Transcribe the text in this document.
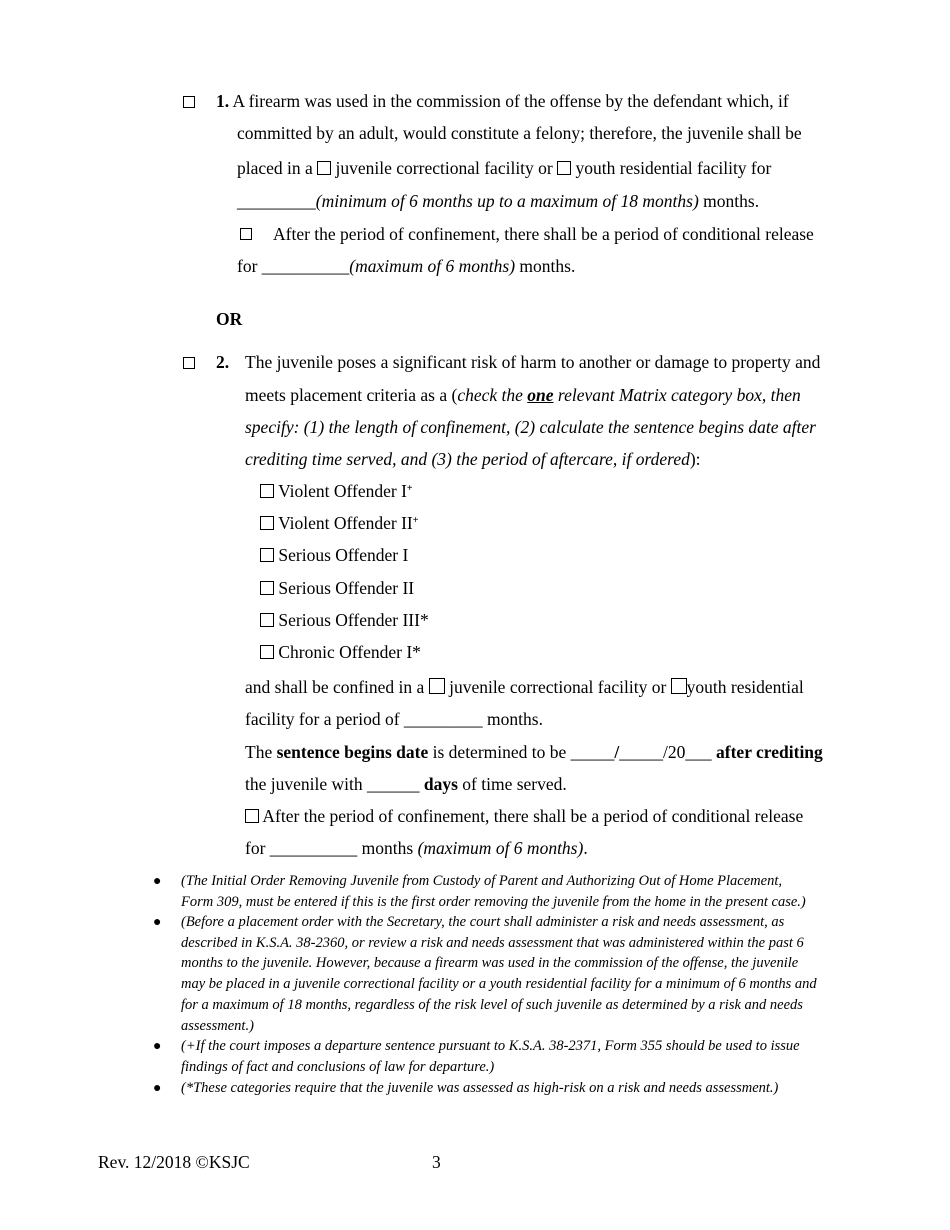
1. A firearm was used in the commission of the offense by the defendant which, if
committed by an adult, would constitute a felony; therefore, the juvenile shall be
placed in a juvenile correctional facility or youth residential facility for
_________(minimum of 6 months up to a maximum of 18 months) months.
After the period of confinement, there shall be a period of conditional release
for __________(maximum of 6 months) months.
OR
2. The juvenile poses a significant risk of harm to another or damage to property and
meets placement criteria as a (check the one relevant Matrix category box, then
specify: (1) the length of confinement, (2) calculate the sentence begins date after
crediting time served, and (3) the period of aftercare, if ordered):
Violent Offender I+
Violent Offender II+
Serious Offender I
Serious Offender II
Serious Offender III*
Chronic Offender I*
and shall be confined in a juvenile correctional facility or youth residential
facility for a period of _________ months.
The sentence begins date is determined to be _____/_____/20___ after crediting
the juvenile with ______ days of time served.
After the period of confinement, there shall be a period of conditional release
for __________ months (maximum of 6 months).
● (The Initial Order Removing Juvenile from Custody of Parent and Authorizing Out of Home Placement,
Form 309, must be entered if this is the first order removing the juvenile from the home in the present case.)
● (Before a placement order with the Secretary, the court shall administer a risk and needs assessment, as
described in K.S.A. 38-2360, or review a risk and needs assessment that was administered within the past 6
months to the juvenile. However, because a firearm was used in the commission of the offense, the juvenile
may be placed in a juvenile correctional facility or a youth residential facility for a minimum of 6 months and
for a maximum of 18 months, regardless of the risk level of such juvenile as determined by a risk and needs
assessment.)
● (+If the court imposes a departure sentence pursuant to K.S.A. 38-2371, Form 355 should be used to issue
findings of fact and conclusions of law for departure.)
● (*These categories require that the juvenile was assessed as high-risk on a risk and needs assessment.)
Rev. 12/2018 ©KSJC	3
